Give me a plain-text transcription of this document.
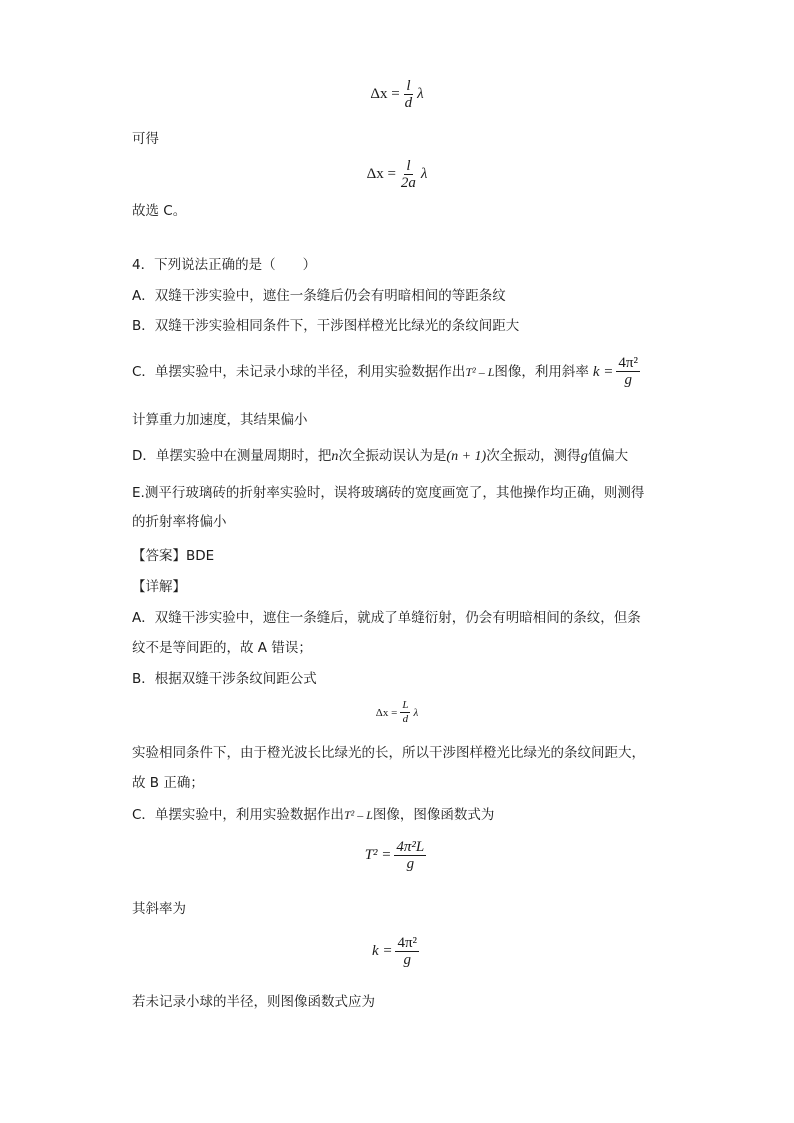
$\Delta x = \frac{l}{d}$ λ
可得
$\Delta x = \frac{l}{2a}$ λ
故选 C。
4．下列说法正确的是（　　）
A．双缝干涉实验中，遮住一条缝后仍会有明暗相间的等距条纹
B．双缝干涉实验相同条件下，干涉图样橙光比绿光的条纹间距大
C．单摆实验中，未记录小球的半径，利用实验数据作出 T² – L 图像，利用斜率 $k = \frac{\text{4π²}}{g}$
计算重力加速度，其结果偏小
D．单摆实验中在测量周期时，把n次全振动误认为是(n + 1)次全振动，测得g值偏大
E.测平行玻璃砖的折射率实验时，误将玻璃砖的宽度画宽了，其他操作均正确，则测得
的折射率将偏小
【答案】BDE
【详解】
A．双缝干涉实验中，遮住一条缝后，就成了单缝衍射，仍会有明暗相间的条纹，但条
纹不是等间距的，故 A 错误；
B．根据双缝干涉条纹间距公式
$\Delta x = \frac{L}{d}$ λ
实验相同条件下，由于橙光波长比绿光的长，所以干涉图样橙光比绿光的条纹间距大，
故 B 正确；
C．单摆实验中，利用实验数据作出T² – L图像，图像函数式为
$T^2 = \frac{\text{4π²L}}{g}$
其斜率为
$k = \frac{\text{4π²}}{g}$
若未记录小球的半径，则图像函数式应为
